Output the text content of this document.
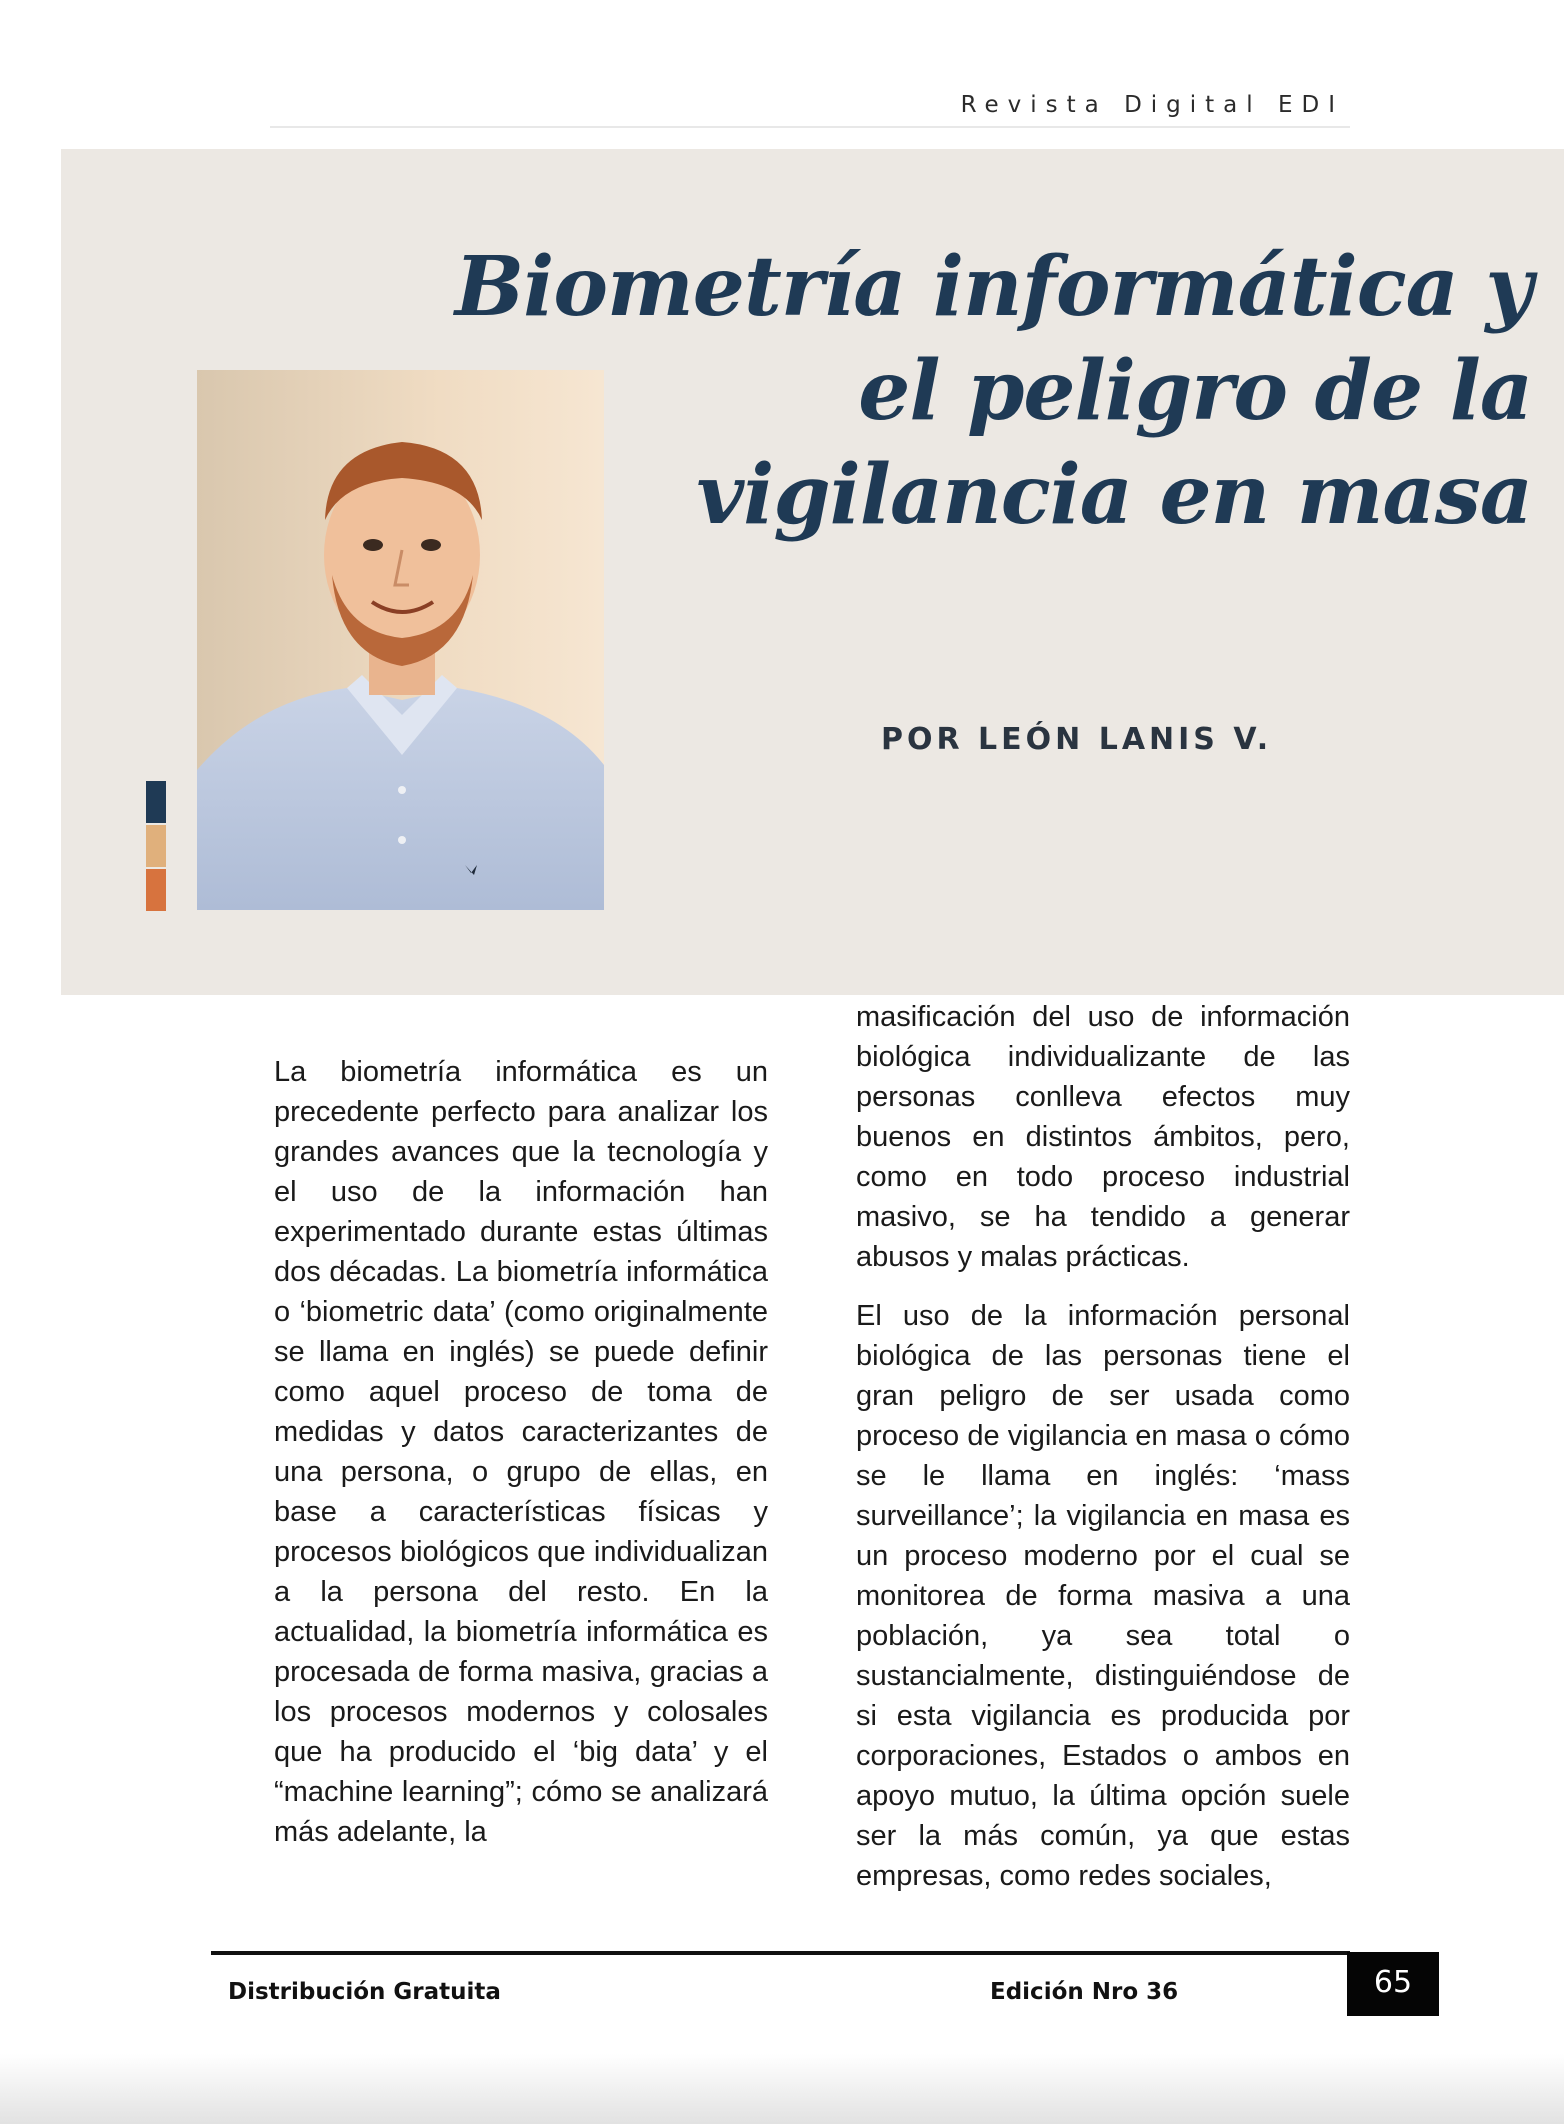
Revista Digital EDI
Biometría informática y
el peligro de la
vigilancia en masa
POR LEÓN LANIS V.
La biometría informática es un precedente perfecto para analizar los grandes avances que la tecnología y el uso de la información han experimentado durante estas últimas dos décadas. La biometría informática o ‘biometric data’ (como originalmente se llama en inglés) se puede definir como aquel proceso de toma de medidas y datos caracterizantes de una persona, o grupo de ellas, en base a características físicas y procesos biológicos que individualizan a la persona del resto. En la actualidad, la biometría informática es procesada de forma masiva, gracias a los procesos modernos y colosales que ha producido el ‘big data’ y el “machine learning”; cómo se analizará más adelante, la

masificación del uso de información biológica individualizante de las personas conlleva efectos muy buenos en distintos ámbitos, pero, como en todo proceso industrial masivo, se ha tendido a generar abusos y malas prácticas.

El uso de la información personal biológica de las personas tiene el gran peligro de ser usada como proceso de vigilancia en masa o cómo se le llama en inglés: ‘mass surveillance’; la vigilancia en masa es un proceso moderno por el cual se monitorea de forma masiva a una población, ya sea total o sustancialmente, distinguiéndose de si esta vigilancia es producida por corporaciones, Estados o ambos en apoyo mutuo, la última opción suele ser la más común, ya que estas empresas, como redes sociales,

Distribución Gratuita	Edición Nro 36	65
